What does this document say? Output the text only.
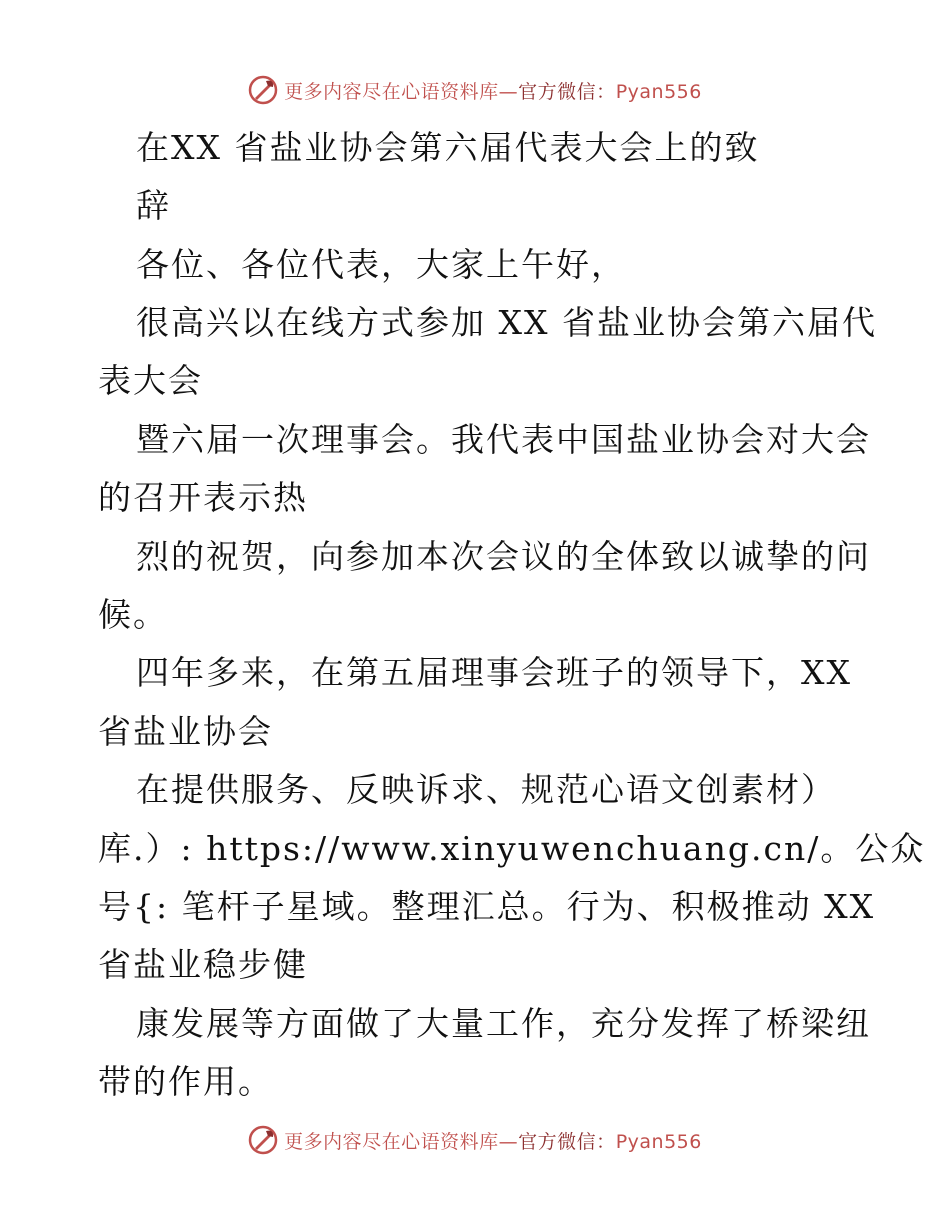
更多内容尽在心语资料库—官方微信：Pyan556
在XX 省盐业协会第六届代表大会上的致
辞
各位、各位代表，大家上午好，
很高兴以在线方式参加 XX 省盐业协会第六届代
表大会
暨六届一次理事会。我代表中国盐业协会对大会
的召开表示热
烈的祝贺，向参加本次会议的全体致以诚挚的问
候。
四年多来，在第五届理事会班子的领导下，XX
省盐业协会
在提供服务、反映诉求、规范心语文创素材）
库.）: https://www.xinyuwenchuang.cn/。公众
号{: 笔杆子星域。整理汇总。行为、积极推动 XX
省盐业稳步健
康发展等方面做了大量工作，充分发挥了桥梁纽
带的作用。
更多内容尽在心语资料库—官方微信：Pyan556
